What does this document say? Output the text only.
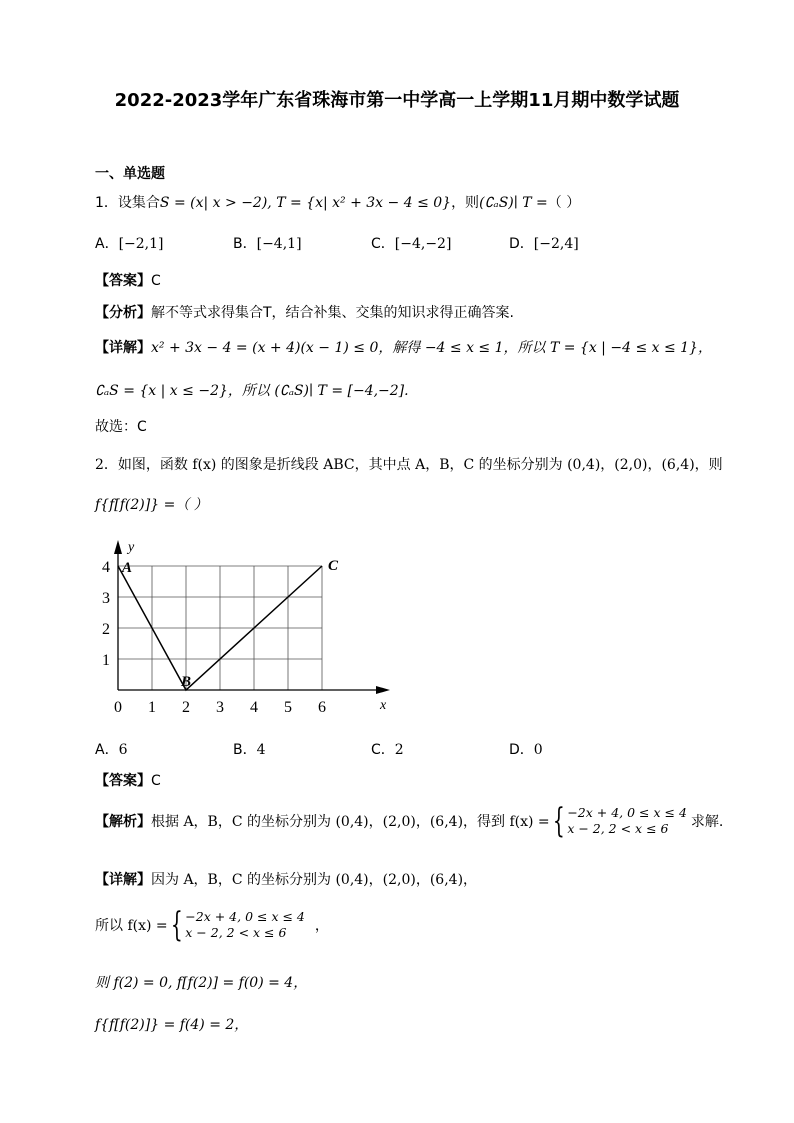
2022-2023学年广东省珠海市第一中学高一上学期11月期中数学试题
一、单选题
1．设集合S = (x| x > −2), T = {x| x² + 3x − 4 ≤ 0}，则(∁ₐS)∣ T =（ ）
A．[−2,1]	B．[−4,1]	C．[−4,−2]	D．[−2,4]
【答案】C
【分析】解不等式求得集合T，结合补集、交集的知识求得正确答案.
【详解】x² + 3x − 4 = (x + 4)(x − 1) ≤ 0，解得 −4 ≤ x ≤ 1，所以 T = {x | −4 ≤ x ≤ 1}，
∁ₐS = {x | x ≤ −2}，所以 (∁ₐS)∣ T = [−4,−2].
故选：C
2．如图，函数 f(x) 的图象是折线段 ABC，其中点 A，B，C 的坐标分别为 (0,4)，(2,0)，(6,4)，则
f{f[f(2)]} =（ ）
x
y
0 1 2 3 4 5 6
1
2
3
4 A
B
C
A．6	B．4	C．2	D．0
【答案】C
【解析】根据 A，B，C 的坐标分别为 (0,4)，(2,0)，(6,4)，得到 f(x) ={ −2x + 4, 0 ≤ x ≤ 4
x − 2, 2 < x ≤ 6 求解.
【详解】因为 A，B，C 的坐标分别为 (0,4)，(2,0)，(6,4)，
所以 f(x) ={ −2x + 4, 0 ≤ x ≤ 4
x − 2, 2 < x ≤ 6 ，
则 f(2) = 0, f[f(2)] = f(0) = 4，
f{f[f(2)]} = f(4) = 2，
